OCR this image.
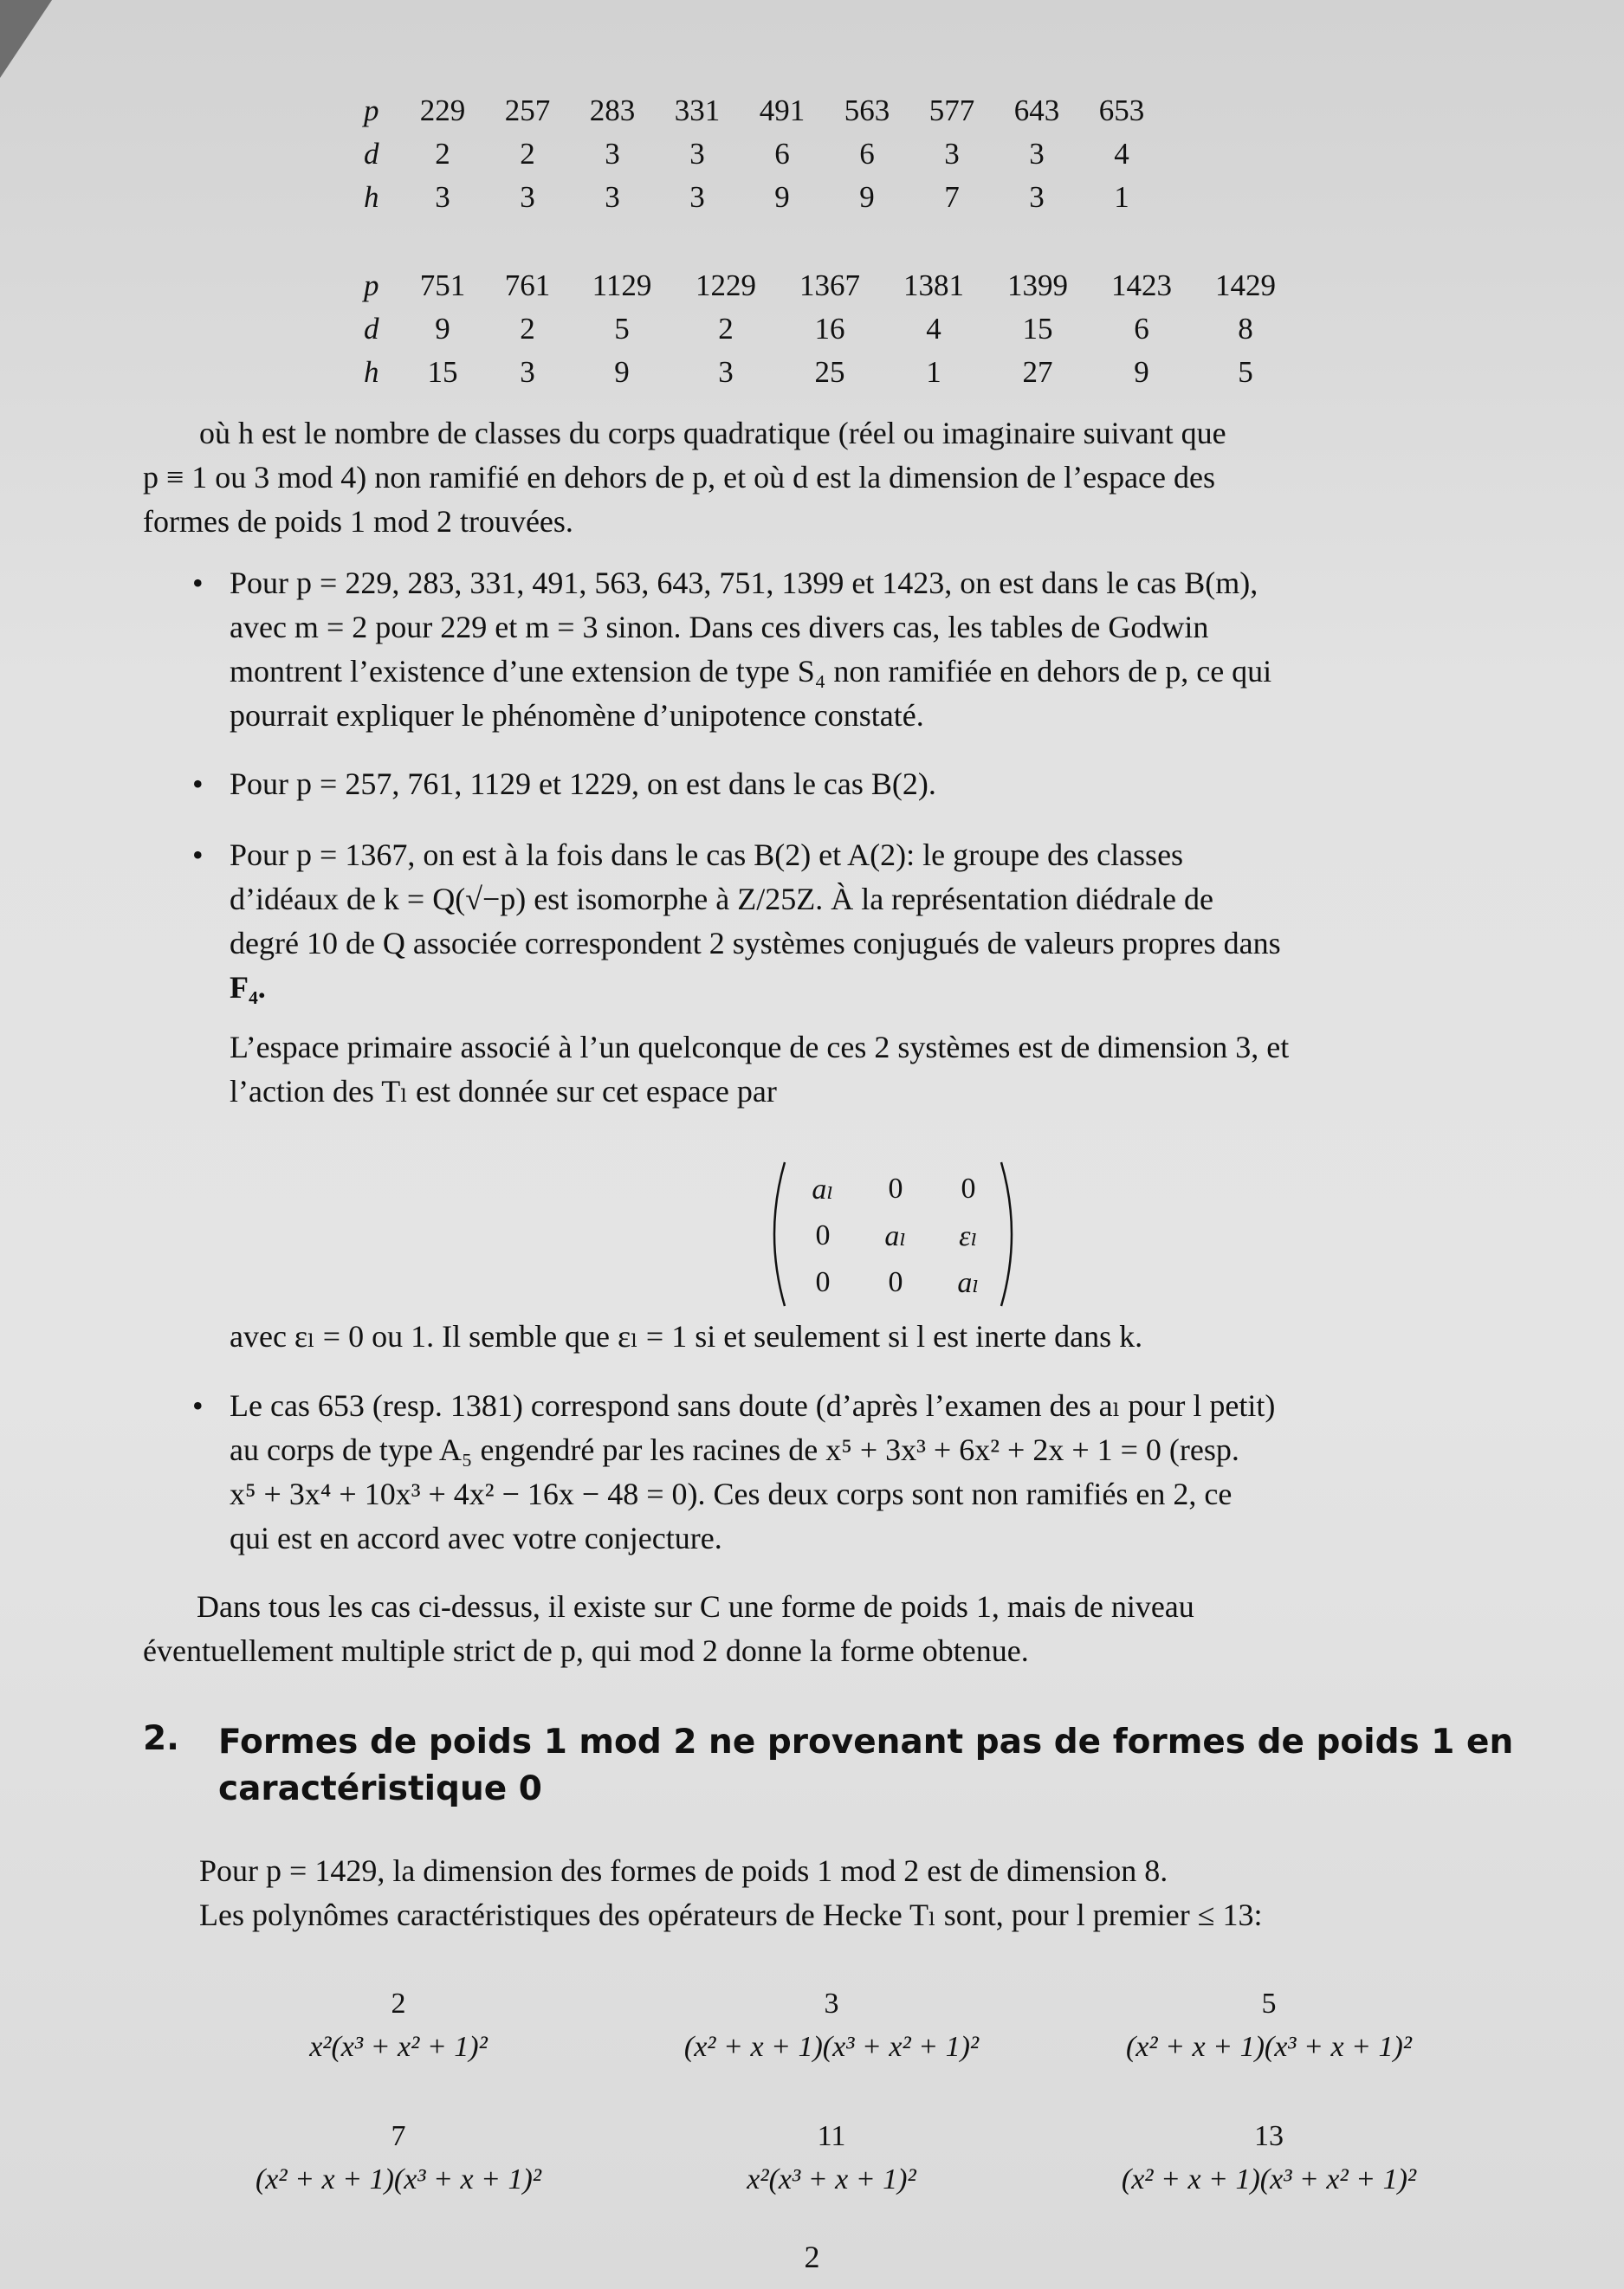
p	229	257	283	331	491	563	577	643	653
d	2	2	3	3	6	6	3	3	4
h	3	3	3	3	9	9	7	3	1
p	751	761	1129	1229	1367	1381	1399	1423	1429
d	9	2	5	2	16	4	15	6	8
h	15	3	9	3	25	1	27	9	5
où h est le nombre de classes du corps quadratique (réel ou imaginaire suivant que
p ≡ 1 ou 3 mod 4) non ramifié en dehors de p, et où d est la dimension de l’espace des
formes de poids 1 mod 2 trouvées.
• Pour p = 229, 283, 331, 491, 563, 643, 751, 1399 et 1423, on est dans le cas B(m),
avec m = 2 pour 229 et m = 3 sinon. Dans ces divers cas, les tables de Godwin
montrent l’existence d’une extension de type S₄ non ramifiée en dehors de p, ce qui
pourrait expliquer le phénomène d’unipotence constaté.
• Pour p = 257, 761, 1129 et 1229, on est dans le cas B(2).
• Pour p = 1367, on est à la fois dans le cas B(2) et A(2): le groupe des classes
d’idéaux de k = Q(√−p) est isomorphe à Z/25Z. À la représentation diédrale de
degré 10 de Q associée correspondent 2 systèmes conjugués de valeurs propres dans
F₄.
L’espace primaire associé à l’un quelconque de ces 2 systèmes est de dimension 3, et
l’action des Tₗ est donnée sur cet espace par
aₗ	0	0
0	aₗ	εₗ
0	0	aₗ
avec εₗ = 0 ou 1. Il semble que εₗ = 1 si et seulement si l est inerte dans k.
• Le cas 653 (resp. 1381) correspond sans doute (d’après l’examen des aₗ pour l petit)
au corps de type A₅ engendré par les racines de x⁵ + 3x³ + 6x² + 2x + 1 = 0 (resp.
x⁵ + 3x⁴ + 10x³ + 4x² − 16x − 48 = 0). Ces deux corps sont non ramifiés en 2, ce
qui est en accord avec votre conjecture.
Dans tous les cas ci-dessus, il existe sur C une forme de poids 1, mais de niveau
éventuellement multiple strict de p, qui mod 2 donne la forme obtenue.
2. Formes de poids 1 mod 2 ne provenant pas de formes de poids 1 en
caractéristique 0
Pour p = 1429, la dimension des formes de poids 1 mod 2 est de dimension 8.
Les polynômes caractéristiques des opérateurs de Hecke Tₗ sont, pour l premier ≤ 13:
2
x²(x³ + x² + 1)²
3
(x² + x + 1)(x³ + x² + 1)²
5
(x² + x + 1)(x³ + x + 1)²
7
(x² + x + 1)(x³ + x + 1)²
11
x²(x³ + x + 1)²
13
(x² + x + 1)(x³ + x² + 1)²
2
